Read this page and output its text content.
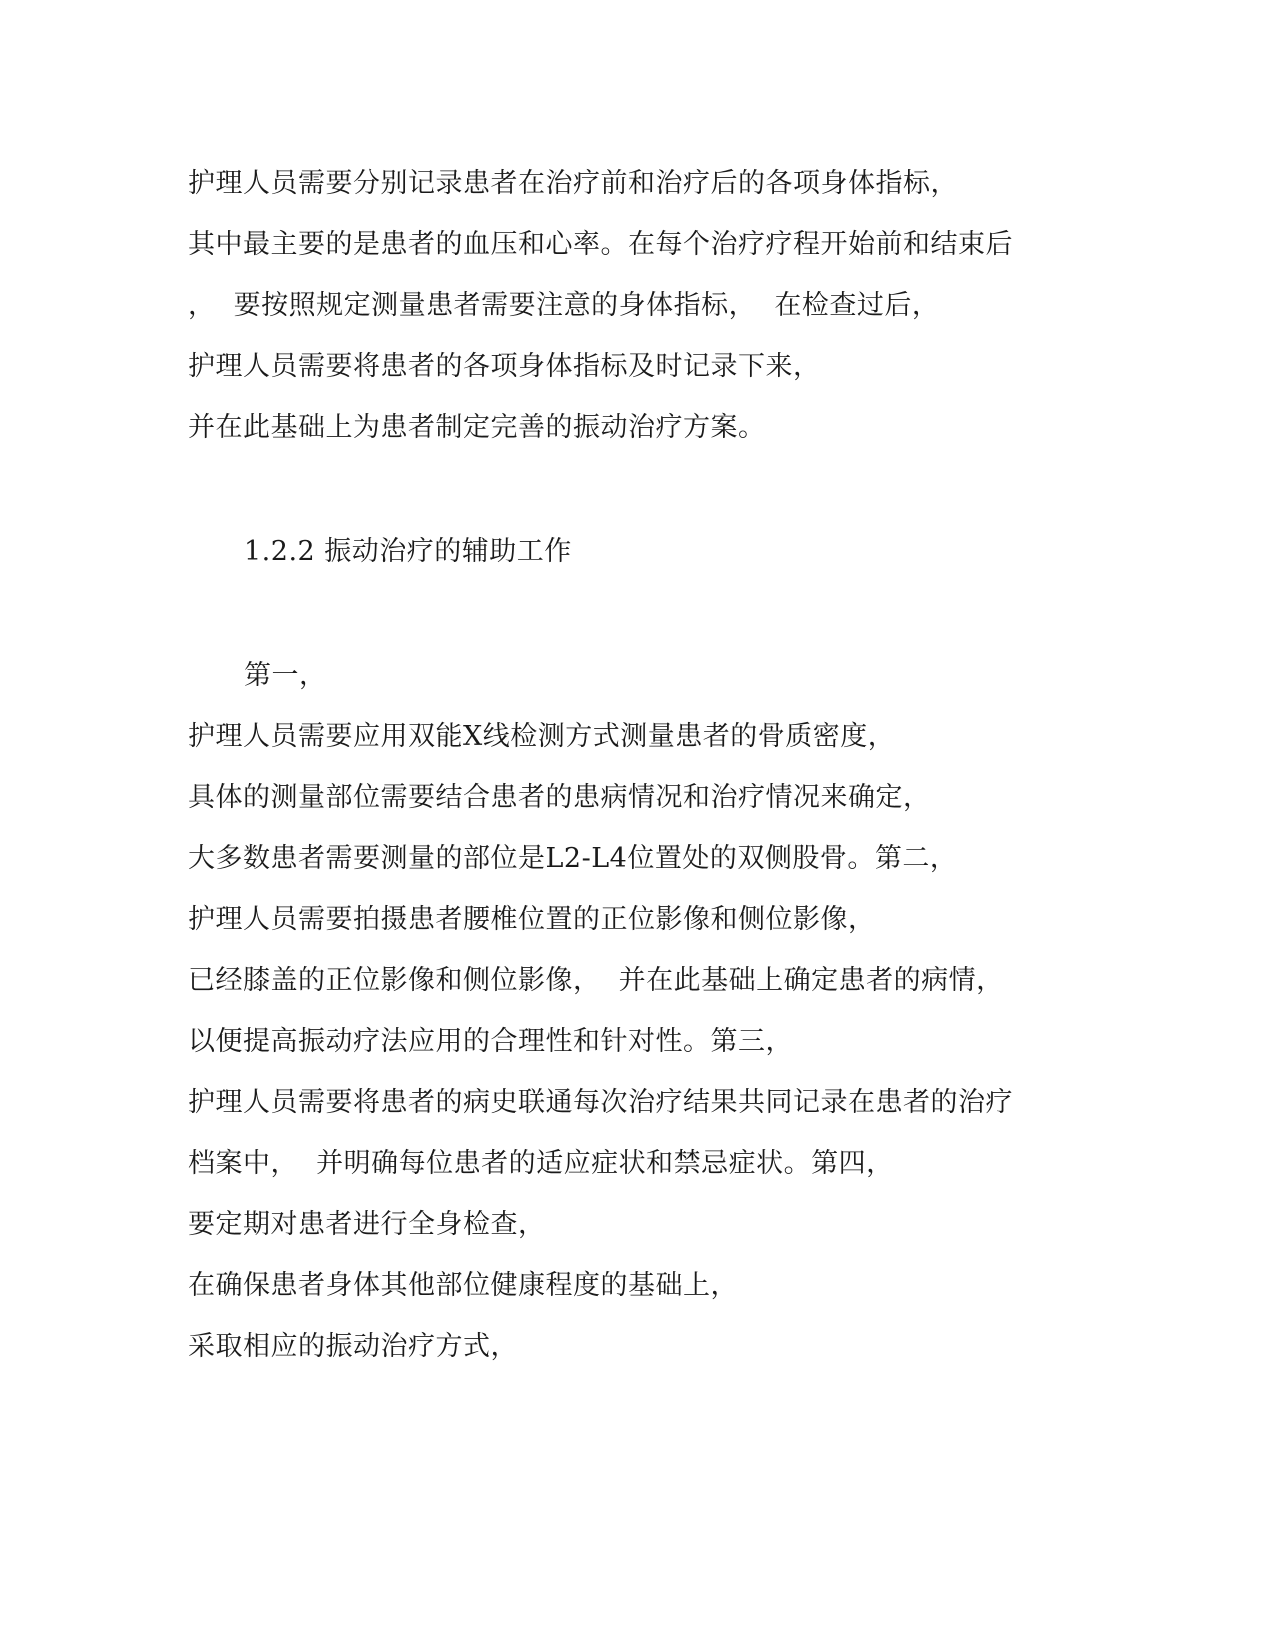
护理人员需要分别记录患者在治疗前和治疗后的各项身体指标，
其中最主要的是患者的血压和心率。在每个治疗疗程开始前和结束后
，  要按照规定测量患者需要注意的身体指标，  在检查过后，
护理人员需要将患者的各项身体指标及时记录下来，
并在此基础上为患者制定完善的振动治疗方案。
1.2.2 振动治疗的辅助工作
第一，
护理人员需要应用双能X线检测方式测量患者的骨质密度，
具体的测量部位需要结合患者的患病情况和治疗情况来确定，
大多数患者需要测量的部位是L2-L4位置处的双侧股骨。第二，
护理人员需要拍摄患者腰椎位置的正位影像和侧位影像，
已经膝盖的正位影像和侧位影像，  并在此基础上确定患者的病情，
以便提高振动疗法应用的合理性和针对性。第三，
护理人员需要将患者的病史联通每次治疗结果共同记录在患者的治疗
档案中，  并明确每位患者的适应症状和禁忌症状。第四，
要定期对患者进行全身检查，
在确保患者身体其他部位健康程度的基础上，
采取相应的振动治疗方式，
